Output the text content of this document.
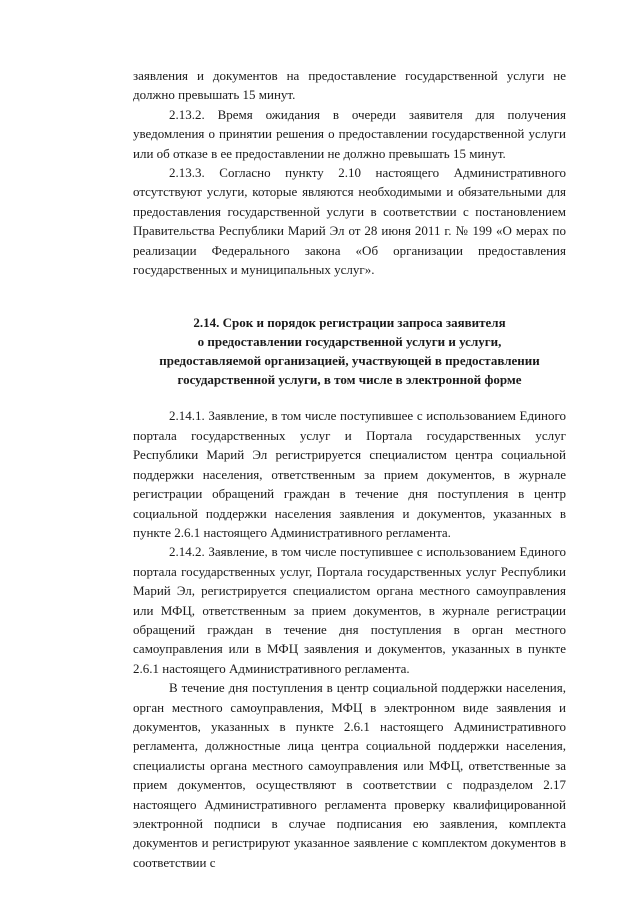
заявления и документов на предоставление государственной услуги не должно превышать 15 минут.

2.13.2. Время ожидания в очереди заявителя для получения уведомления о принятии решения о предоставлении государственной услуги или об отказе в ее предоставлении не должно превышать 15 минут.

2.13.3. Согласно пункту 2.10 настоящего Административного отсутствуют услуги, которые являются необходимыми и обязательными для предоставления государственной услуги в соответствии с постановлением Правительства Республики Марий Эл от 28 июня 2011 г. № 199 «О мерах по реализации Федерального закона «Об организации предоставления государственных и муниципальных услуг».

2.14. Срок и порядок регистрации запроса заявителя
о предоставлении государственной услуги и услуги,
предоставляемой организацией, участвующей в предоставлении
государственной услуги, в том числе в электронной форме

2.14.1. Заявление, в том числе поступившее с использованием Единого портала государственных услуг и Портала государственных услуг Республики Марий Эл регистрируется специалистом центра социальной поддержки населения, ответственным за прием документов, в журнале регистрации обращений граждан в течение дня поступления в центр социальной поддержки населения заявления и документов, указанных в пункте 2.6.1 настоящего Административного регламента.

2.14.2. Заявление, в том числе поступившее с использованием Единого портала государственных услуг, Портала государственных услуг Республики Марий Эл, регистрируется специалистом органа местного самоуправления или МФЦ, ответственным за прием документов, в журнале регистрации обращений граждан в течение дня поступления в орган местного самоуправления или в МФЦ заявления и документов, указанных в пункте 2.6.1 настоящего Административного регламента.

В течение дня поступления в центр социальной поддержки населения, орган местного самоуправления, МФЦ в электронном виде заявления и документов, указанных в пункте 2.6.1 настоящего Административного регламента, должностные лица центра социальной поддержки населения, специалисты органа местного самоуправления или МФЦ, ответственные за прием документов, осуществляют в соответствии с подразделом 2.17 настоящего Административного регламента проверку квалифицированной электронной подписи в случае подписания ею заявления, комплекта документов и регистрируют указанное заявление с комплектом документов в соответствии с
